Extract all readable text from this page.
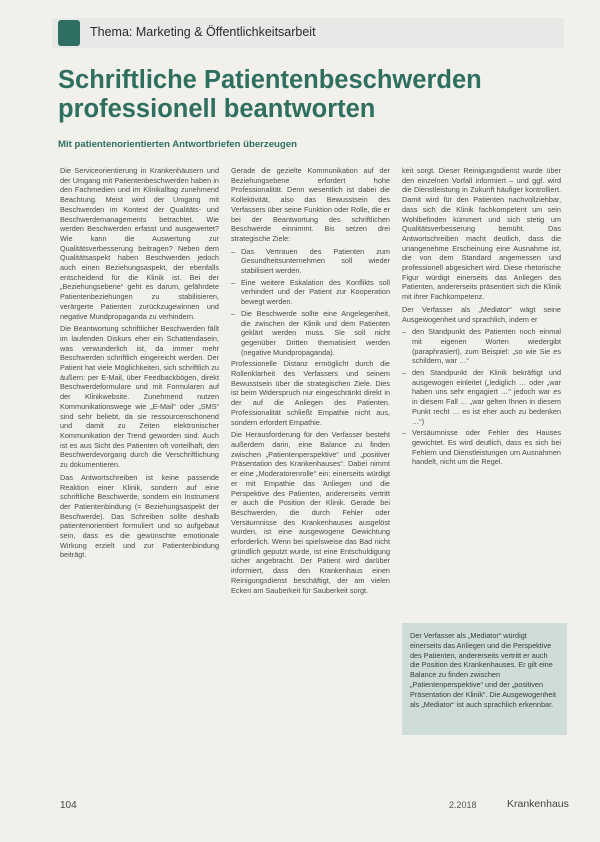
Thema: Marketing & Öffentlichkeitsarbeit
Schriftliche Patientenbeschwerden professionell beantworten
Mit patientenorientierten Antwortbriefen überzeugen

Die Serviceorientierung in Krankenhäusern und der Umgang mit Patientenbeschwerden haben in den Fachmedien und im Klinikalltag zunehmend Beachtung. Meist wird der Umgang mit Beschwerden im Kontext der Qualitäts- und Beschwerdemanagements betrachtet. Wie werden Beschwerden erfasst und ausgewertet? Wie kann die Auswertung zur Qualitätsverbesserung beitragen? Neben dem Qualitätsaspekt haben Beschwerden jedoch auch einen Beziehungsaspekt, der ebenfalls entscheidend für die Klinik ist. Bei der „Beziehungsebene“ geht es darum, gefährdete Patientenbeziehungen zu stabilisieren, verärgerte Patienten zurückzugewinnen und negative Mundpropaganda zu verhindern.

Die Beantwortung schriftlicher Beschwerden fällt im laufenden Diskurs eher ein Schattendasein, was verwunderlich ist, da immer mehr Beschwerden schriftlich eingereicht werden. Der Patient hat viele Möglichkeiten, sich schriftlich zu äußern: per E-Mail, über Feedbackbögen, direkt Beschwerdeformulare und mit Formularen auf der Klinikwebsite. Zunehmend nutzen Kommunikationswege wie „E-Mail“ oder „SMS“ sind sehr beliebt, da sie ressourcenschonend und damit zu Zeiten elektronischer Kommunikation der Trend geworden sind. Auch ist es aus Sicht des Patienten oft vorteilhaft, den Beschwerdevorgang durch die Verschriftlichung zu dokumentieren.

Das Antwortschreiben ist keine passende Reaktion einer Klinik, sondern auf eine schriftliche Beschwerde, sondern ein Instrument der Patientenbindung (= Beziehungsaspekt der Beschwerde). Das Schreiben sollte deshalb patientenorientiert formuliert und so aufgebaut sein, dass es die gewünschte emotionale Wirkung erzielt und zur Patientenbindung beiträgt.

Gerade die gezielte Kommunikation auf der Beziehungsebene erfordert hohe Professionalität. Denn wesentlich ist dabei die Kollektivität, also das Bewusstsein des Verfassers über seine Funktion oder Rolle, die er bei der Beantwortung des schriftlichen Beschwerde einnimmt. Bis setzen drei strategische Ziele:

– Das Vertrauen des Patienten zum Gesundheitsunternehmen soll wieder stabilisiert werden.
– Eine weitere Eskalation des Konflikts soll verhindert und der Patient zur Kooperation bewegt werden.
– Die Beschwerde sollte eine Angelegenheit, die zwischen der Klinik und dem Patienten geklärt werden muss. Sie soll nicht gegenüber Dritten thematisiert werden (negative Mundpropaganda).

Professionelle Distanz ermöglicht durch die Rollenklarheit des Verfassers und seinem Bewusstsein über die strategischen Ziele. Dies ist beim Widerspruch nur eingeschränkt direkt in der auf die Anliegen des Patienten. Professionalität schließt Empathie nicht aus, sondern erfordert Empathie.

Die Herausforderung für den Verfasser besteht außerdem darin, eine Balance zu finden zwischen „Patientenperspektive“ und „positiver Präsentation des Krankenhauses“. Dabei nimmt er eine „Moderatorenrolle“ ein: einerseits würdigt er mit Empathie das Anliegen und die Perspektive des Patienten, andererseits vertritt er auch die Position der Klinik. Gerade bei Beschwerden, die durch Fehler oder Versäumnisse des Krankenhauses ausgelöst wurden, ist eine ausgewogene Gewichtung erforderlich. Wenn bei spielsweise das Bad nicht gründlich geputzt wurde, ist eine Entschuldigung sicher angebracht. Der Patient wird darüber informiert, dass den Krankenhaus einen Reinigungsdienst beschäftigt, der am vielen Ecken am Sauberkeit für Sauberkeit sorgt.

keit sorgt. Dieser Reinigungsdienst wurde über den einzelnen Vorfall informiert – und ggf. wird die Dienstleistung in Zukunft häufiger kontrolliert. Damit wird für den Patienten nachvollziehbar, dass sich die Klinik fachkompetent um sein Wohlbefinden kümmert und sich stetig um Qualitätsverbesserung bemüht. Das Antwortschreiben macht deutlich, dass die unangenehme Erscheinung eine Ausnahme ist, die von dem Standard angemessen und professionell abgesichert wird. Diese rhetorische Figur würdigt einerseits das Anliegen des Patienten, andererseits präsentiert sich die Klinik mit ihrer Fachkompetenz.

Der Verfasser als „Mediator“ wägt seine Ausgewogenheit und sprachlich, indem er

– den Standpunkt des Patienten noch einmal mit eigenen Worten wiedergibt (paraphrasiert), zum Beispiel: „so wie Sie es schildern, war …“
– den Standpunkt der Klinik bekräftigt und ausgewogen einleitet („lediglich … oder „war haben uns sehr engagiert …“ jedoch war es in diesem Fall … „war gelten Ihnen in diesem Punkt recht … es ist eher auch zu bedenken …“)
– Versäumnisse oder Fehler des Hauses gewichtet. Es wird deutlich, dass es sich bei Fehlern und Dienstleistungen um Ausnahmen handelt, nicht um die Regel.
Der Verfasser als „Mediator“ würdigt einerseits das Anliegen und die Perspektive des Patienten, andererseits vertritt er auch die Position des Krankenhauses. Er gilt eine Balance zu finden zwischen „Patientenperspektive“ und der „positiven Präsentation der Klinik“. Die Ausgewogenheit als „Mediator“ ist auch sprachlich erkennbar.
104	2.2018	Krankenhaus
